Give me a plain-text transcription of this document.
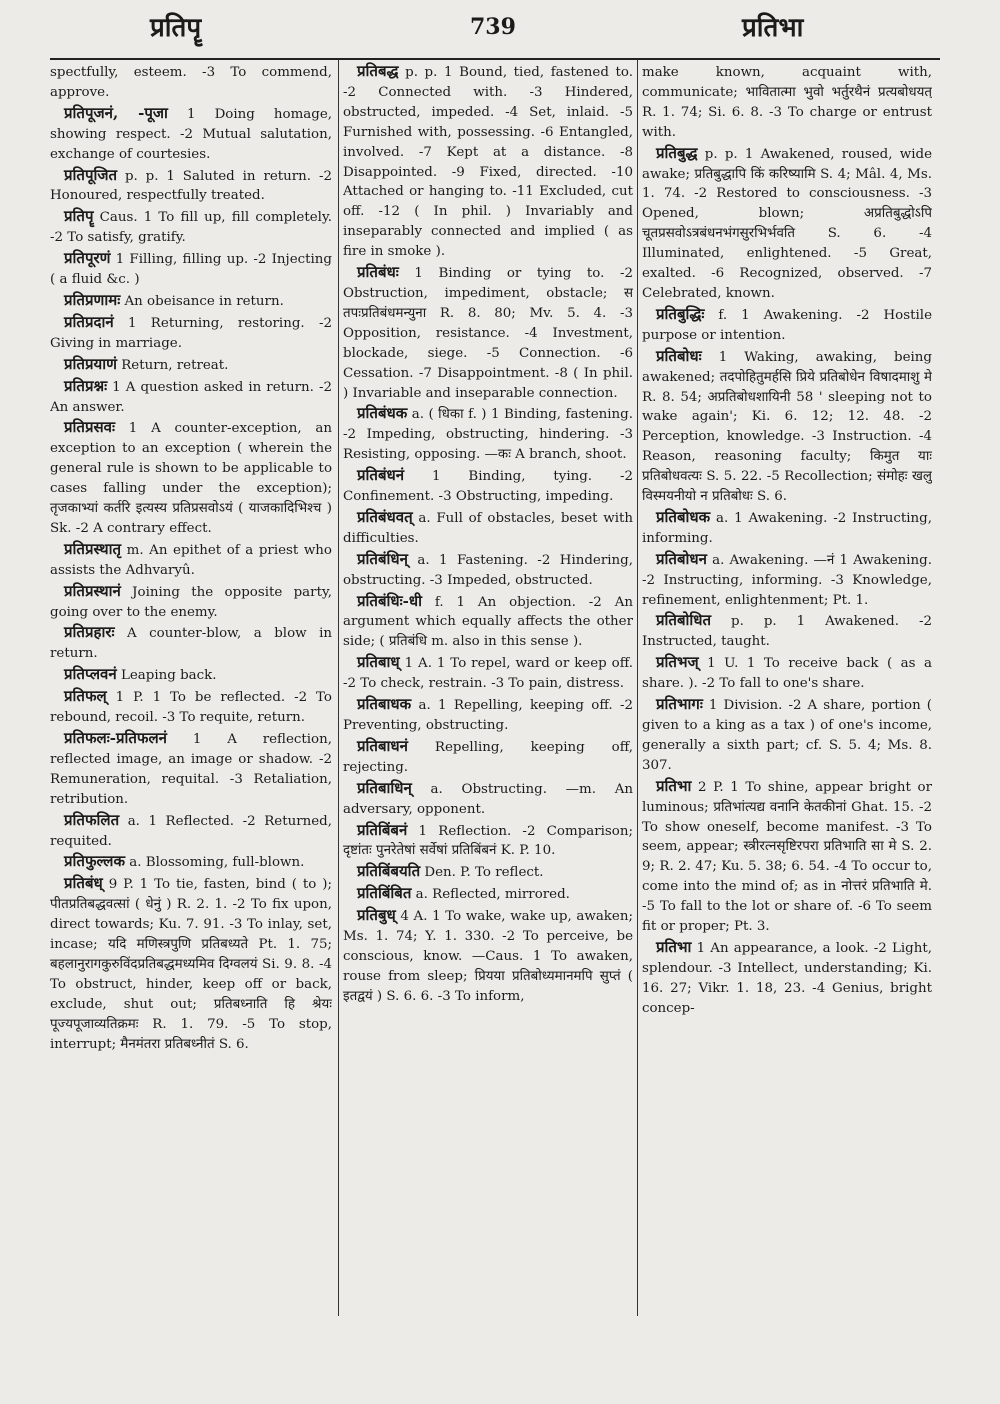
प्रतिपॄ	739	प्रतिभा

spectfully, esteem. -3 To commend, approve.

प्रतिपूजनं, -पूजा 1 Doing homage, showing respect. -2 Mutual salutation, exchange of courtesies.

प्रतिपूजित p. p. 1 Saluted in return. -2 Honoured, respectfully treated.

प्रतिपॄ Caus. 1 To fill up, fill completely. -2 To satisfy, gratify.

प्रतिपूरणं 1 Filling, filling up. -2 Injecting ( a fluid &c. )

प्रतिप्रणामः An obeisance in return.

प्रतिप्रदानं 1 Returning, restoring. -2 Giving in marriage.

प्रतिप्रयाणं Return, retreat.

प्रतिप्रश्नः 1 A question asked in return. -2 An answer.

प्रतिप्रसवः 1 A counter-exception, an exception to an exception ( wherein the general rule is shown to be applicable to cases falling under the exception); तृजकाभ्यां कर्तरि इत्यस्य प्रतिप्रसवोऽयं ( याजकादिभिश्च ) Sk. -2 A contrary effect.

प्रतिप्रस्थातृ m. An epithet of a priest who assists the Adhvaryû.

प्रतिप्रस्थानं Joining the opposite party, going over to the enemy.

प्रतिप्रहारः A counter-blow, a blow in return.

प्रतिप्लवनं Leaping back.

प्रतिफल् 1 P. 1 To be reflected. -2 To rebound, recoil. -3 To requite, return.

प्रतिफलः-प्रतिफलनं 1 A reflection, reflected image, an image or shadow. -2 Remuneration, requital. -3 Retaliation, retribution.

प्रतिफलित a. 1 Reflected. -2 Returned, requited.

प्रतिफुल्लक a. Blossoming, full-blown.

प्रतिबंध् 9 P. 1 To tie, fasten, bind ( to ); पीतप्रतिबद्धवत्सां ( धेनुं ) R. 2. 1. -2 To fix upon, direct towards; Ku. 7. 91. -3 To inlay, set, incase; यदि मणिस्त्रपुणि प्रतिबध्यते Pt. 1. 75; बहलानुरागकुरुविंदप्रतिबद्धमध्यमिव दिग्वलयं Si. 9. 8. -4 To obstruct, hinder, keep off or back, exclude, shut out; प्रतिबध्नाति हि श्रेयः पूज्यपूजाव्यतिक्रमः R. 1. 79. -5 To stop, interrupt; मैनमंतरा प्रतिबध्नीतं S. 6.

प्रतिबद्ध p. p. 1 Bound, tied, fastened to. -2 Connected with. -3 Hindered, obstructed, impeded. -4 Set, inlaid. -5 Furnished with, possessing. -6 Entangled, involved. -7 Kept at a distance. -8 Disappointed. -9 Fixed, directed. -10 Attached or hanging to. -11 Excluded, cut off. -12 ( In phil. ) Invariably and inseparably connected and implied ( as fire in smoke ).

प्रतिबंधः 1 Binding or tying to. -2 Obstruction, impediment, obstacle; स तपःप्रतिबंधमन्युना R. 8. 80; Mv. 5. 4. -3 Opposition, resistance. -4 Investment, blockade, siege. -5 Connection. -6 Cessation. -7 Disappointment. -8 ( In phil. ) Invariable and inseparable connection.

प्रतिबंधक a. ( धिका f. ) 1 Binding, fastening. -2 Impeding, obstructing, hindering. -3 Resisting, opposing. —कः A branch, shoot.

प्रतिबंधनं 1 Binding, tying. -2 Confinement. -3 Obstructing, impeding.

प्रतिबंधवत् a. Full of obstacles, beset with difficulties.

प्रतिबंधिन् a. 1 Fastening. -2 Hindering, obstructing. -3 Impeded, obstructed.

प्रतिबंधिः-धी f. 1 An objection. -2 An argument which equally affects the other side; ( प्रतिबंधि m. also in this sense ).

प्रतिबाध् 1 A. 1 To repel, ward or keep off. -2 To check, restrain. -3 To pain, distress.

प्रतिबाधक a. 1 Repelling, keeping off. -2 Preventing, obstructing.

प्रतिबाधनं Repelling, keeping off, rejecting.

प्रतिबाधिन् a. Obstructing. —m. An adversary, opponent.

प्रतिबिंबनं 1 Reflection. -2 Comparison; दृष्टांतः पुनरेतेषां सर्वेषां प्रतिबिंबनं K. P. 10.

प्रतिबिंबयति Den. P. To reflect.

प्रतिबिंबित a. Reflected, mirrored.

प्रतिबुध् 4 A. 1 To wake, wake up, awaken; Ms. 1. 74; Y. 1. 330. -2 To perceive, be conscious, know. —Caus. 1 To awaken, rouse from sleep; प्रियया प्रतिबोध्यमानमपि सुप्तं ( इतद्वयं ) S. 6. 6. -3 To inform,

make known, acquaint with, communicate; भावितात्मा भुवो भर्तुरथैनं प्रत्यबोधयत् R. 1. 74; Si. 6. 8. -3 To charge or entrust with.

प्रतिबुद्ध p. p. 1 Awakened, roused, wide awake; प्रतिबुद्धापि किं करिष्यामि S. 4; Mâl. 4, Ms. 1. 74. -2 Restored to consciousness. -3 Opened, blown; अप्रतिबुद्धोऽपि चूतप्रसवोऽत्रबंधनभंगसुरभिर्भवति S. 6. -4 Illuminated, enlightened. -5 Great, exalted. -6 Recognized, observed. -7 Celebrated, known.

प्रतिबुद्धिः f. 1 Awakening. -2 Hostile purpose or intention.

प्रतिबोधः 1 Waking, awaking, being awakened; तदपोहितुमर्हसि प्रिये प्रतिबोधेन विषादमाशु मे R. 8. 54; अप्रतिबोधशायिनी 58 ' sleeping not to wake again'; Ki. 6. 12; 12. 48. -2 Perception, knowledge. -3 Instruction. -4 Reason, reasoning faculty; किमुत याः प्रतिबोधवत्यः S. 5. 22. -5 Recollection; संमोहः खलु विस्मयनीयो न प्रतिबोधः S. 6.

प्रतिबोधक a. 1 Awakening. -2 Instructing, informing.

प्रतिबोधन a. Awakening. —नं 1 Awakening. -2 Instructing, informing. -3 Knowledge, refinement, enlightenment; Pt. 1.

प्रतिबोधित p. p. 1 Awakened. -2 Instructed, taught.

प्रतिभज् 1 U. 1 To receive back ( as a share. ). -2 To fall to one's share.

प्रतिभागः 1 Division. -2 A share, portion ( given to a king as a tax ) of one's income, generally a sixth part; cf. S. 5. 4; Ms. 8. 307.

प्रतिभा 2 P. 1 To shine, appear bright or luminous; प्रतिभांत्यद्य वनानि केतकीनां Ghat. 15. -2 To show oneself, become manifest. -3 To seem, appear; स्त्रीरत्नसृष्टिरपरा प्रतिभाति सा मे S. 2. 9; R. 2. 47; Ku. 5. 38; 6. 54. -4 To occur to, come into the mind of; as in नोत्तरं प्रतिभाति मे. -5 To fall to the lot or share of. -6 To seem fit or proper; Pt. 3.

प्रतिभा 1 An appearance, a look. -2 Light, splendour. -3 Intellect, understanding; Ki. 16. 27; Vikr. 1. 18, 23. -4 Genius, bright concep-
